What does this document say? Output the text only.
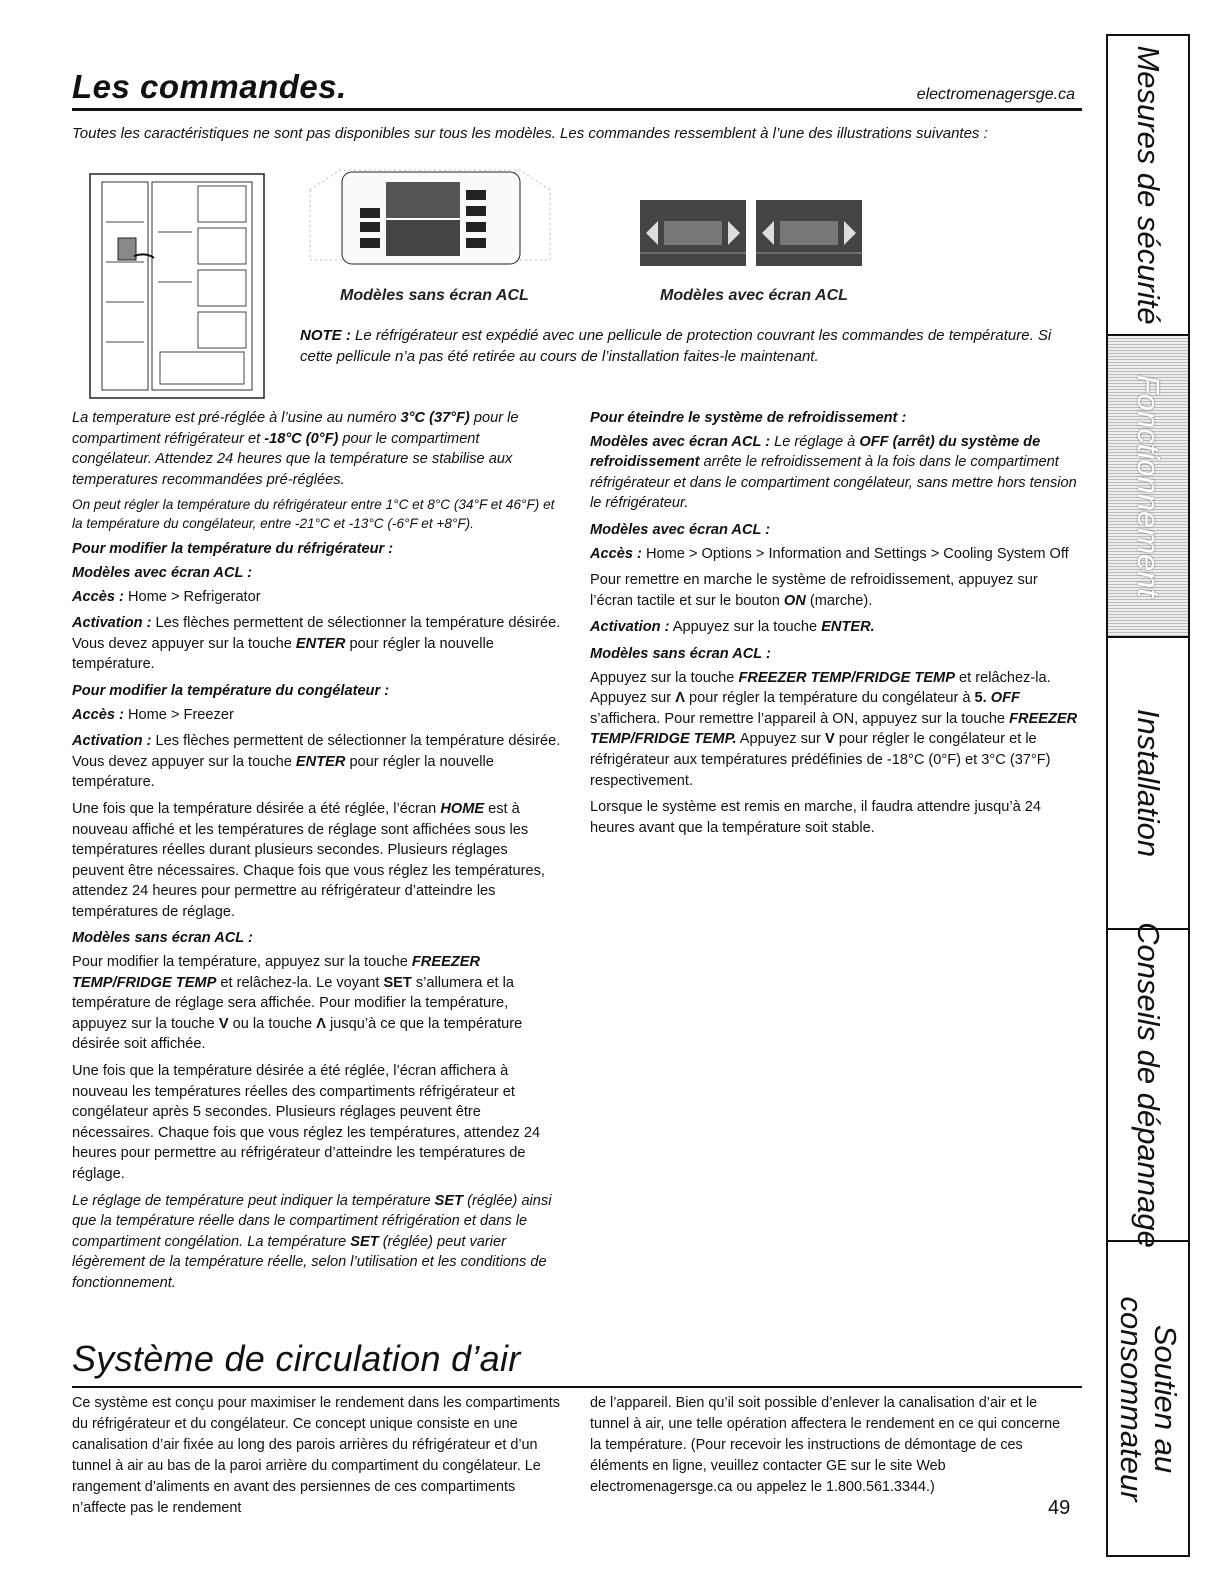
Les commandes.	electromenagersge.ca
Toutes les caractéristiques ne sont pas disponibles sur tous les modèles. Les commandes ressemblent à l’une des illustrations suivantes :
Modèles sans écran ACL	Modèles avec écran ACL
NOTE : Le réfrigérateur est expédié avec une pellicule de protection couvrant les commandes de température. Si cette pellicule n’a pas été retirée au cours de l’installation faites-le maintenant.

La temperature est pré-réglée à l’usine au numéro 3°C (37°F) pour le compartiment réfrigérateur et -18°C (0°F) pour le compartiment congélateur. Attendez 24 heures que la température se stabilise aux temperatures recommandées pré-réglées.

On peut régler la température du réfrigérateur entre 1°C et 8°C (34°F et 46°F) et la température du congélateur, entre -21°C et -13°C (-6°F et +8°F).

Pour modifier la température du réfrigérateur :

Modèles avec écran ACL :

Accès : Home > Refrigerator

Activation : Les flèches permettent de sélectionner la température désirée. Vous devez appuyer sur la touche ENTER pour régler la nouvelle température.

Pour modifier la température du congélateur :

Accès : Home > Freezer

Activation : Les flèches permettent de sélectionner la température désirée. Vous devez appuyer sur la touche ENTER pour régler la nouvelle température.

Une fois que la température désirée a été réglée, l’écran HOME est à nouveau affiché et les températures de réglage sont affichées sous les températures réelles durant plusieurs secondes. Plusieurs réglages peuvent être nécessaires. Chaque fois que vous réglez les températures, attendez 24 heures pour permettre au réfrigérateur d’atteindre les températures de réglage.

Modèles sans écran ACL :

Pour modifier la température, appuyez sur la touche FREEZER TEMP/FRIDGE TEMP et relâchez-la. Le voyant SET s’allumera et la température de réglage sera affichée. Pour modifier la température, appuyez sur la touche V ou la touche Λ jusqu’à ce que la température désirée soit affichée.

Une fois que la température désirée a été réglée, l’écran affichera à nouveau les températures réelles des compartiments réfrigérateur et congélateur après 5 secondes. Plusieurs réglages peuvent être nécessaires. Chaque fois que vous réglez les températures, attendez 24 heures pour permettre au réfrigérateur d’atteindre les températures de réglage.

Le réglage de température peut indiquer la température SET (réglée) ainsi que la température réelle dans le compartiment réfrigération et dans le compartiment congélation. La température SET (réglée) peut varier légèrement de la température réelle, selon l’utilisation et les conditions de fonctionnement.

Pour éteindre le système de refroidissement :

Modèles avec écran ACL : Le réglage à OFF (arrêt) du système de refroidissement arrête le refroidissement à la fois dans le compartiment réfrigérateur et dans le compartiment congélateur, sans mettre hors tension le réfrigérateur.

Modèles avec écran ACL :

Accès : Home > Options > Information and Settings > Cooling System Off

Pour remettre en marche le système de refroidissement, appuyez sur l’écran tactile et sur le bouton ON (marche).

Activation : Appuyez sur la touche ENTER.

Modèles sans écran ACL :

Appuyez sur la touche FREEZER TEMP/FRIDGE TEMP et relâchez-la. Appuyez sur Λ pour régler la température du congélateur à 5. OFF s’affichera. Pour remettre l’appareil à ON, appuyez sur la touche FREEZER TEMP/FRIDGE TEMP. Appuyez sur V pour régler le congélateur et le réfrigérateur aux températures prédéfinies de -18°C (0°F) et 3°C (37°F) respectivement.

Lorsque le système est remis en marche, il faudra attendre jusqu’à 24 heures avant que la température soit stable.

Système de circulation d’air
Ce système est conçu pour maximiser le rendement dans les compartiments du réfrigérateur et du congélateur. Ce concept unique consiste en une canalisation d’air fixée au long des parois arrières du réfrigérateur et d’un tunnel à air au bas de la paroi arrière du compartiment du congélateur. Le rangement d’aliments en avant des persiennes de ces compartiments n’affecte pas le rendement
de l’appareil. Bien qu’il soit possible d’enlever la canalisation d’air et le tunnel à air, une telle opération affectera le rendement en ce qui concerne la température. (Pour recevoir les instructions de démontage de ces éléments en ligne, veuillez contacter GE sur le site Web electromenagersge.ca ou appelez le 1.800.561.3344.)
49
Mesures de sécurité
Fonctionnement
Installation
Conseils de dépannage
Soutien au consommateur
